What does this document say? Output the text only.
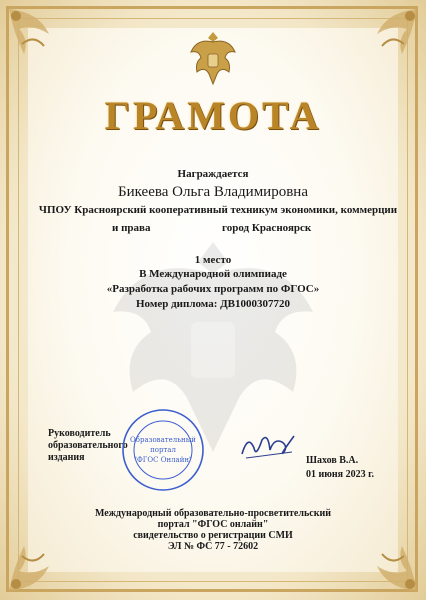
ГРАМОТА
Награждается
Бикеева Ольга Владимировна
ЧПОУ Красноярский кооперативный техникум экономики, коммерции
и права	город Красноярск
1 место
В Международной олимпиаде
«Разработка рабочих программ по ФГОС»
Номер диплома: ДВ1000307720
Руководитель образовательного
издания
Образовательный
портал
"ФГОС Онлайн"	Шахов В.А.
01 июня 2023 г.
Международный образовательно-просветительский
портал "ФГОС онлайн"
свидетельство о регистрации СМИ
ЭЛ № ФС 77 - 72602
